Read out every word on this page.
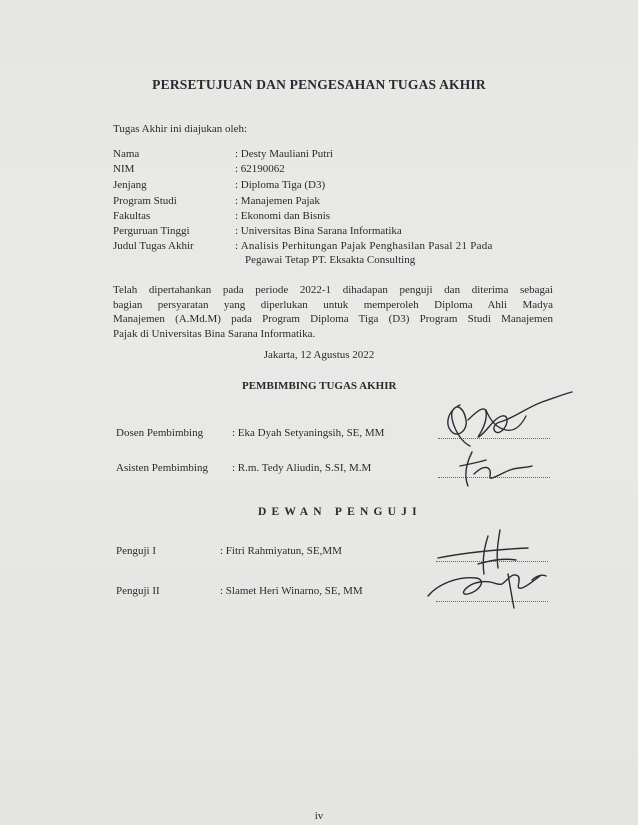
PERSETUJUAN DAN PENGESAHAN TUGAS AKHIR
Tugas Akhir ini diajukan oleh:
Nama	: Desty Mauliani Putri
NIM	: 62190062
Jenjang	: Diploma Tiga (D3)
Program Studi	: Manajemen Pajak
Fakultas	: Ekonomi dan Bisnis
Perguruan Tinggi	: Universitas Bina Sarana Informatika
Judul Tugas Akhir	: Analisis Perhitungan Pajak Penghasilan Pasal 21 Pada
Pegawai Tetap PT. Eksakta Consulting
Telah dipertahankan pada periode 2022-1 dihadapan penguji dan diterima sebagai
bagian persyaratan yang diperlukan untuk memperoleh Diploma Ahli Madya
Manajemen (A.Md.M) pada Program Diploma Tiga (D3) Program Studi Manajemen
Pajak di Universitas Bina Sarana Informatika.
Jakarta, 12 Agustus 2022
PEMBIMBING TUGAS AKHIR
Dosen Pembimbing	: Eka Dyah Setyaningsih, SE, MM
Asisten Pembimbing : R.m. Tedy Aliudin, S.SI, M.M
DEWAN PENGUJI
Penguji I	: Fitri Rahmiyatun, SE,MM
Penguji II	: Slamet Heri Winarno, SE, MM
iv
